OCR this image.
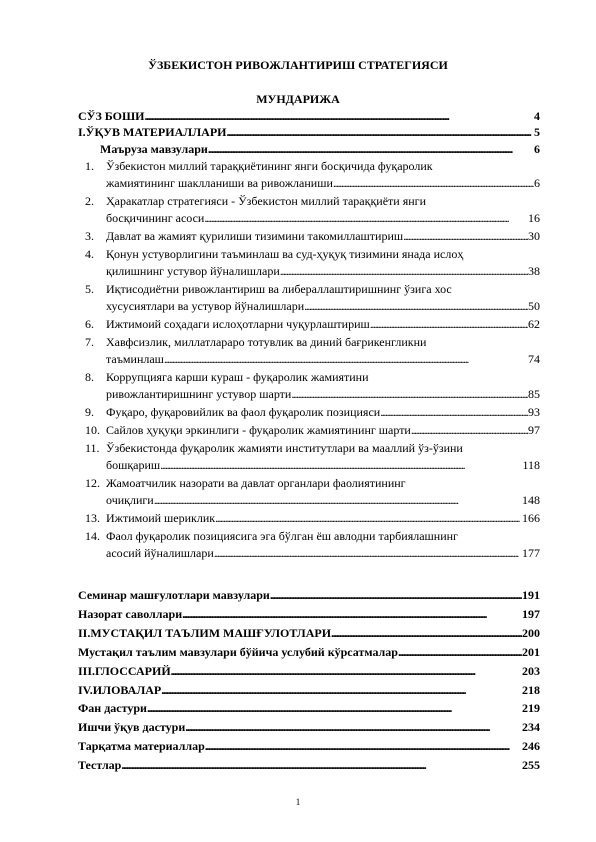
ЎЗБЕКИСТОН РИВОЖЛАНТИРИШ СТРАТЕГИЯСИ
МУНДАРИЖА
СЎЗ БОШИ . . .	4
I.ЎҚУВ МАТЕРИАЛЛАРИ . . .	5
Маъруза мавзулари . . .	6
1. Ўзбекистон миллий тараққиётининг янги босқичида фуқаролик
жамиятининг шаклланиши ва ривожланиши . . .	6
2. Ҳаракатлар стратегияси - Ўзбекистон миллий тараққиёти янги
босқичининг асоси . . .	16
3. Давлат ва жамият қурилиши тизимини такомиллаштириш . . .	30
4. Қонун устуворлигини таъминлаш ва суд-ҳуқуқ тизимини янада ислоҳ
қилишнинг устувор йўналишлари . . .	38
5. Иқтисодиётни ривожлантириш ва либераллаштиришнинг ўзига хос
хусусиятлари ва устувор йўналишлари . . .	50
6. Ижтимоий соҳадаги ислоҳотларни чуқурлаштириш . . .	62
7. Хавфсизлик, миллатлараро тотувлик ва диний бағрикенгликни
таъминлаш . . .	74
8. Коррупцияга карши кураш - фуқаролик жамиятини
ривожлантиришнинг устувор шарти . . .	85
9. Фуқаро, фуқаровийлик ва фаол фуқаролик позицияси . . .	93
10. Сайлов ҳуқуқи эркинлиги - фуқаролик жамиятининг шарти . . .	97
11. Ўзбекистонда фуқаролик жамияти институтлари ва мааллий ўз-ўзини
бошқариш . . .	118
12. Жамоатчилик назорати ва давлат органлари фаолиятининг
очиқлиги . . .	148
13. Ижтимоий шериклик . . .	166
14. Фаол фуқаролик позициясига эга бўлган ёш авлодни тарбиялашнинг
асосий йўналишлари . . .	177
Семинар машғулотлари мавзулари . . .	191
Назорат саволлари . . .	197
II.МУСТАҚИЛ ТАЪЛИМ МАШҒУЛОТЛАРИ . . .	200
Мустақил таълим мавзулари бўйича услубий кўрсатмалар . . .	201
III.ГЛОССАРИЙ . . .	203
IV.ИЛОВАЛАР . . .	218
Фан дастури . . .	219
Ишчи ўқув дастури . . .	234
Тарқатма материаллар . . .	246
Тестлар . . .	255
1
